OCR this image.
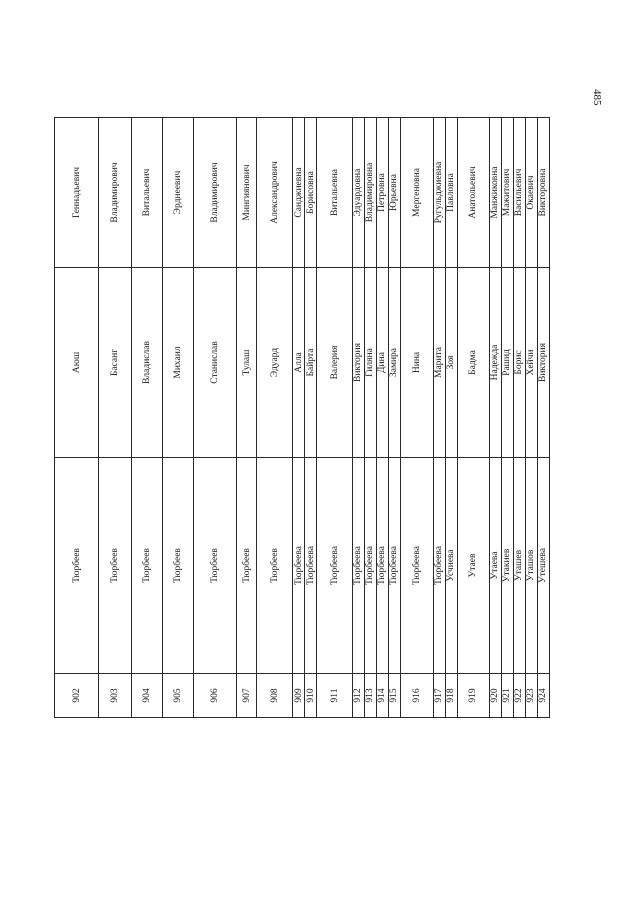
485
902	Тюрбеев	Аюш	Геннадьевич
903	Тюрбеев	Басанг	Владимирович
904	Тюрбеев	Владислав	Витальевич
905	Тюрбеев	Михаил	Эрднеевич
906	Тюрбеев	Станислав	Владимирович
907	Тюрбеев	Тулаш	Мингиянович
908	Тюрбеев	Эдуард	Александрович
909	Тюрбеева	Алла	Санджиевна
910	Тюрбеева	Байрта	Борисовна
911	Тюрбеева	Валерия	Витальевна
912	Тюрбеева	Виктория	Эдуардовна
913	Тюрбеева	Гиляна	Владимировна
914	Тюрбеева	Дина	Петровна
915	Тюрбеева	Замира	Юрьевна
916	Тюрбеева	Нина	Мергеновна
917	Тюрбеева	Марита	Ругульджиевна
918	Усчиева	Зоя	Павловна
919	Утаев	Бадма	Анатольевич
920	Утаева	Надежда	Манжиковна
921	Утакиев	Рашид	Мажитович
922	Уташев	Борис	Васильевич
923	Уташов	Хейчи	Окаевич
924	Утешева	Виктория	Викторовна
